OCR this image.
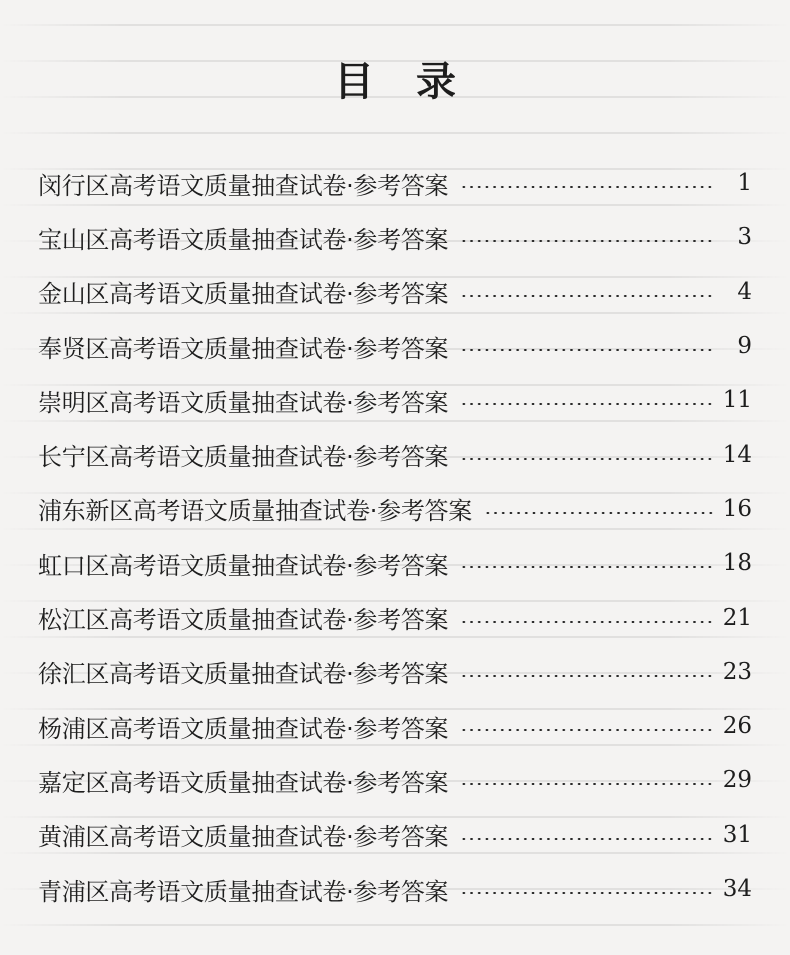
目 录
闵行区高考语文质量抽查试卷·参考答案	1
宝山区高考语文质量抽查试卷·参考答案	3
金山区高考语文质量抽查试卷·参考答案	4
奉贤区高考语文质量抽查试卷·参考答案	9
崇明区高考语文质量抽查试卷·参考答案	11
长宁区高考语文质量抽查试卷·参考答案	14
浦东新区高考语文质量抽查试卷·参考答案	16
虹口区高考语文质量抽查试卷·参考答案	18
松江区高考语文质量抽查试卷·参考答案	21
徐汇区高考语文质量抽查试卷·参考答案	23
杨浦区高考语文质量抽查试卷·参考答案	26
嘉定区高考语文质量抽查试卷·参考答案	29
黄浦区高考语文质量抽查试卷·参考答案	31
青浦区高考语文质量抽查试卷·参考答案	34
